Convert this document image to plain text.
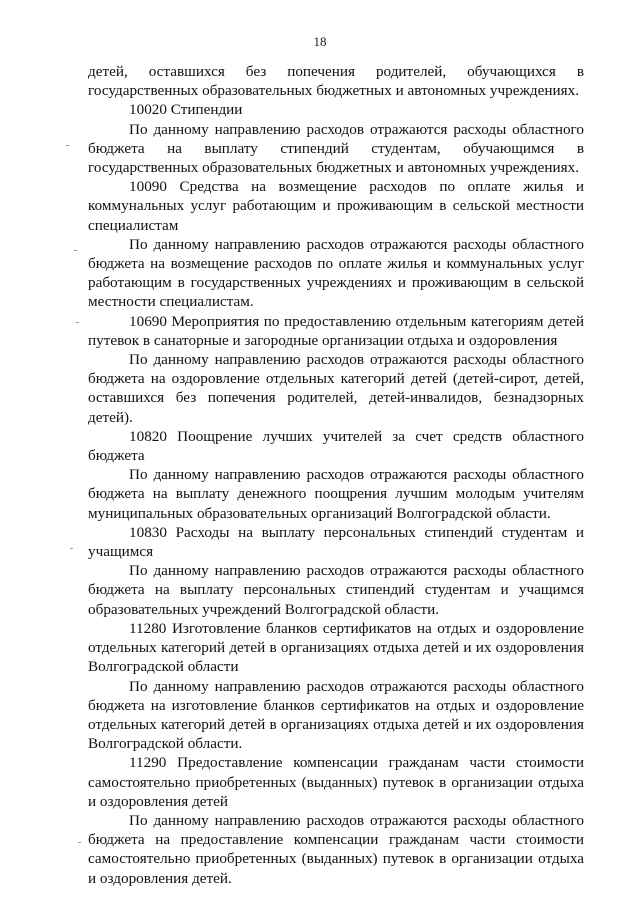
18

детей, оставшихся без попечения родителей, обучающихся в государственных образовательных бюджетных и автономных учреждениях.

10020 Стипендии

По данному направлению расходов отражаются расходы областного бюджета на выплату стипендий студентам, обучающимся в государственных образовательных бюджетных и автономных учреждениях.

10090 Средства на возмещение расходов по оплате жилья и коммунальных услуг работающим и проживающим в сельской местности специалистам

По данному направлению расходов отражаются расходы областного бюджета на возмещение расходов по оплате жилья и коммунальных услуг работающим в государственных учреждениях и проживающим в сельской местности специалистам.

10690 Мероприятия по предоставлению отдельным категориям детей путевок в санаторные и загородные организации отдыха и оздоровления

По данному направлению расходов отражаются расходы областного бюджета на оздоровление отдельных категорий детей (детей-сирот, детей, оставшихся без попечения родителей, детей-инвалидов, безнадзорных детей).

10820 Поощрение лучших учителей за счет средств областного бюджета

По данному направлению расходов отражаются расходы областного бюджета на выплату денежного поощрения лучшим молодым учителям муниципальных образовательных организаций Волгоградской области.

10830 Расходы на выплату персональных стипендий студентам и учащимся

По данному направлению расходов отражаются расходы областного бюджета на выплату персональных стипендий студентам и учащимся образовательных учреждений Волгоградской области.

11280 Изготовление бланков сертификатов на отдых и оздоровление отдельных категорий детей в организациях отдыха детей и их оздоровления Волгоградской области

По данному направлению расходов отражаются расходы областного бюджета на изготовление бланков сертификатов на отдых и оздоровление отдельных категорий детей в организациях отдыха детей и их оздоровления Волгоградской области.

11290 Предоставление компенсации гражданам части стоимости самостоятельно приобретенных (выданных) путевок в организации отдыха и оздоровления детей

По данному направлению расходов отражаются расходы областного бюджета на предоставление компенсации гражданам части стоимости самостоятельно приобретенных (выданных) путевок в организации отдыха и оздоровления детей.
